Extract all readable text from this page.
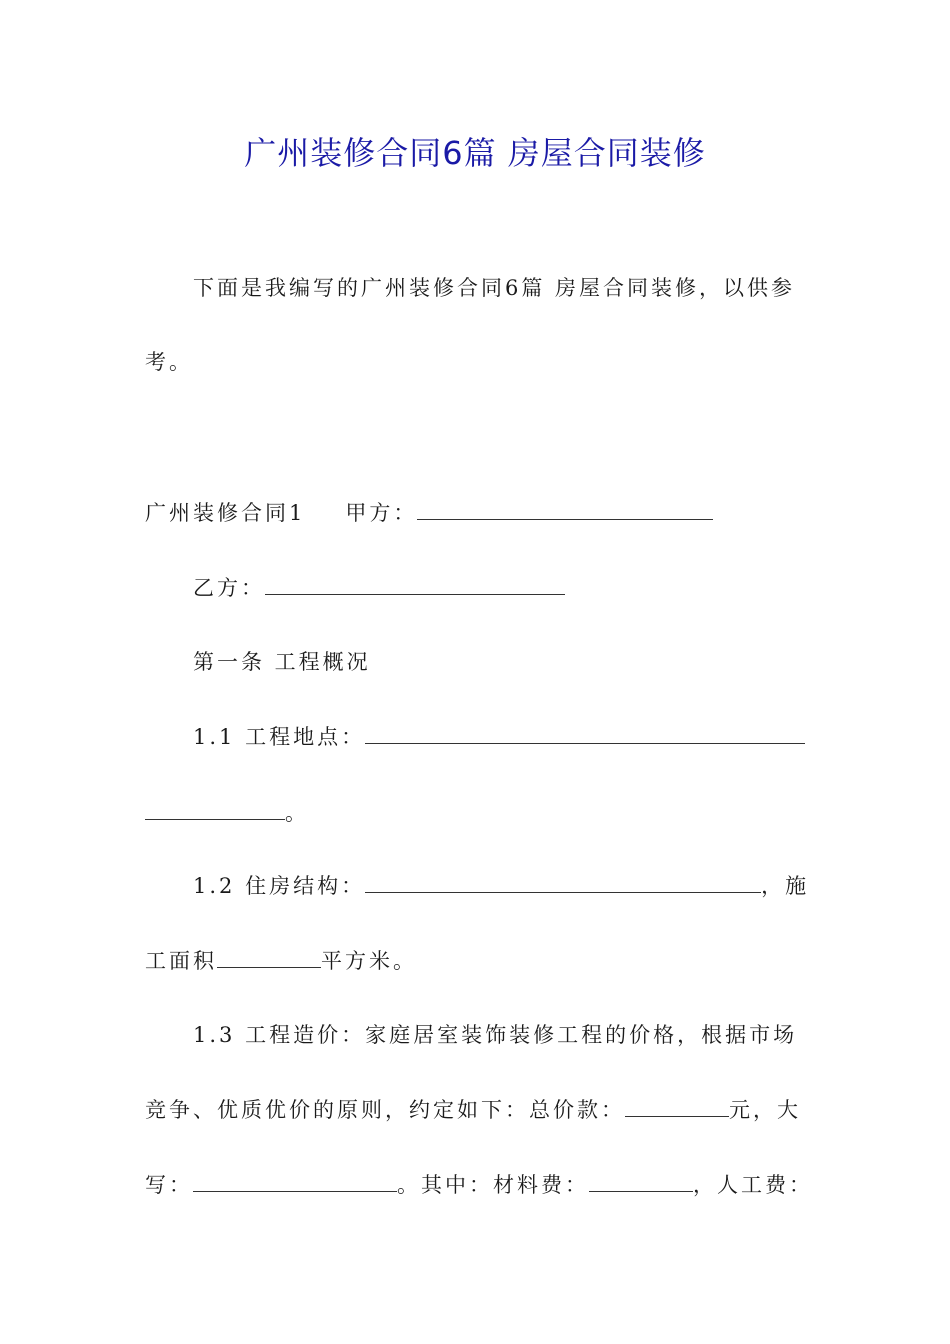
广州装修合同6篇 房屋合同装修
下面是我编写的广州装修合同6篇 房屋合同装修，以供参
考。
广州装修合同1 甲方：
乙方：
第一条 工程概况
1.1 工程地点：
。
1.2 住房结构：	，施
工面积	平方米。
1.3 工程造价：家庭居室装饰装修工程的价格，根据市场
竞争、优质优价的原则，约定如下：总价款：	元，大
写：	。其中：材料费：	，人工费：
